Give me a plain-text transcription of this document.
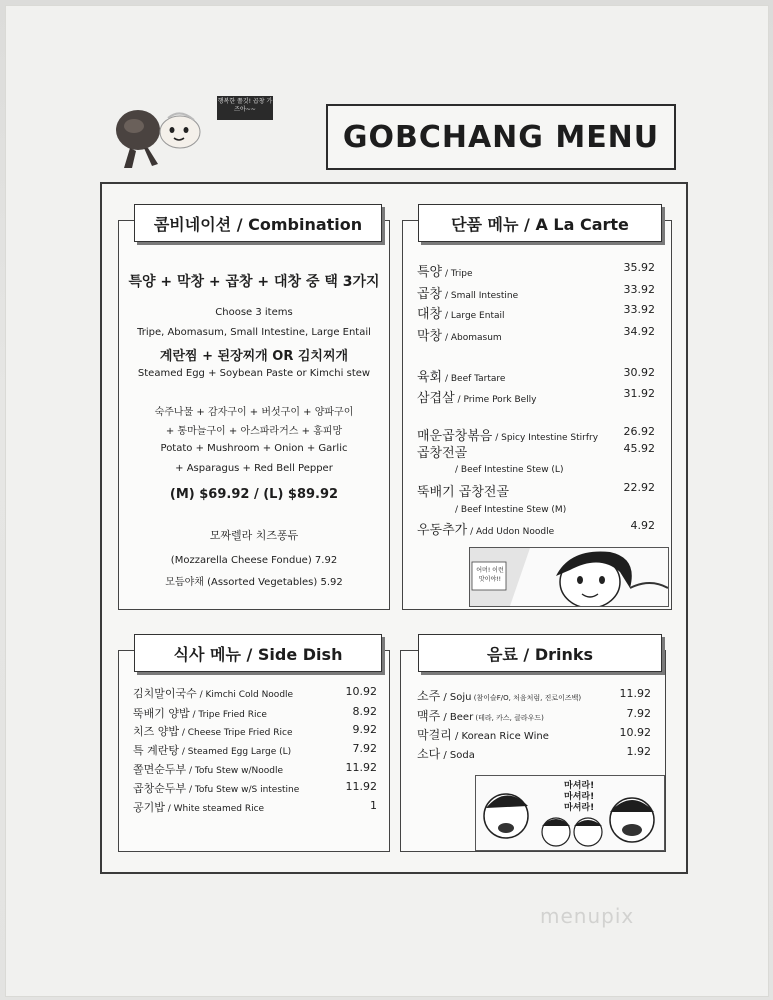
행복한 쫄깃! 곱창 가즈아~~
GOBCHANG MENU
특양 + 막창 + 곱창 + 대창 중 택 3가지
Choose 3 items
Tripe, Abomasum, Small Intestine, Large Entail
계란찜 + 된장찌개 OR 김치찌개
Steamed Egg + Soybean Paste or Kimchi stew
숙주나물 + 감자구이 + 버섯구이 + 양파구이
+ 통마늘구이 + 아스파라거스 + 홍피망
Potato + Mushroom + Onion + Garlic
+ Asparagus + Red Bell Pepper
(M) $69.92 / (L) $89.92
모짜렐라 치즈퐁듀
(Mozzarella Cheese Fondue) 7.92
모듬야채 (Assorted Vegetables) 5.92
콤비네이션 / Combination
특양 / Tripe	35.92
곱창 / Small Intestine	33.92
대창 / Large Entail	33.92
막창 / Abomasum	34.92
육회 / Beef Tartare	30.92
삼겹살 / Prime Pork Belly	31.92
매운곱창볶음 / Spicy Intestine Stirfry 26.92
곱창전골	45.92
/ Beef Intestine Stew (L)
뚝배기 곱창전골	22.92
/ Beef Intestine Stew (M)
우동추가 / Add Udon Noodle	4.92
어머! 이런 맛이야!!
단품 메뉴 / A La Carte
김치말이국수 / Kimchi Cold Noodle	10.92
뚝배기 양밥 / Tripe Fried Rice	8.92
치즈 양밥 / Cheese Tripe Fried Rice	9.92
특 계란탕 / Steamed Egg Large (L)	7.92
쫄면순두부 / Tofu Stew w/Noodle	11.92
곱창순두부 / Tofu Stew w/S intestine	11.92
공기밥 / White steamed Rice	1
식사 메뉴 / Side Dish
소주 / Soju (참이슬F/O, 처음처럼, 진로이즈백)	11.92
맥주 / Beer (테라, 카스, 클라우드)	7.92
막걸리 / Korean Rice Wine	10.92
소다 / Soda	1.92
마셔라!
마셔라!
마셔라!
음료 / Drinks
menupix
